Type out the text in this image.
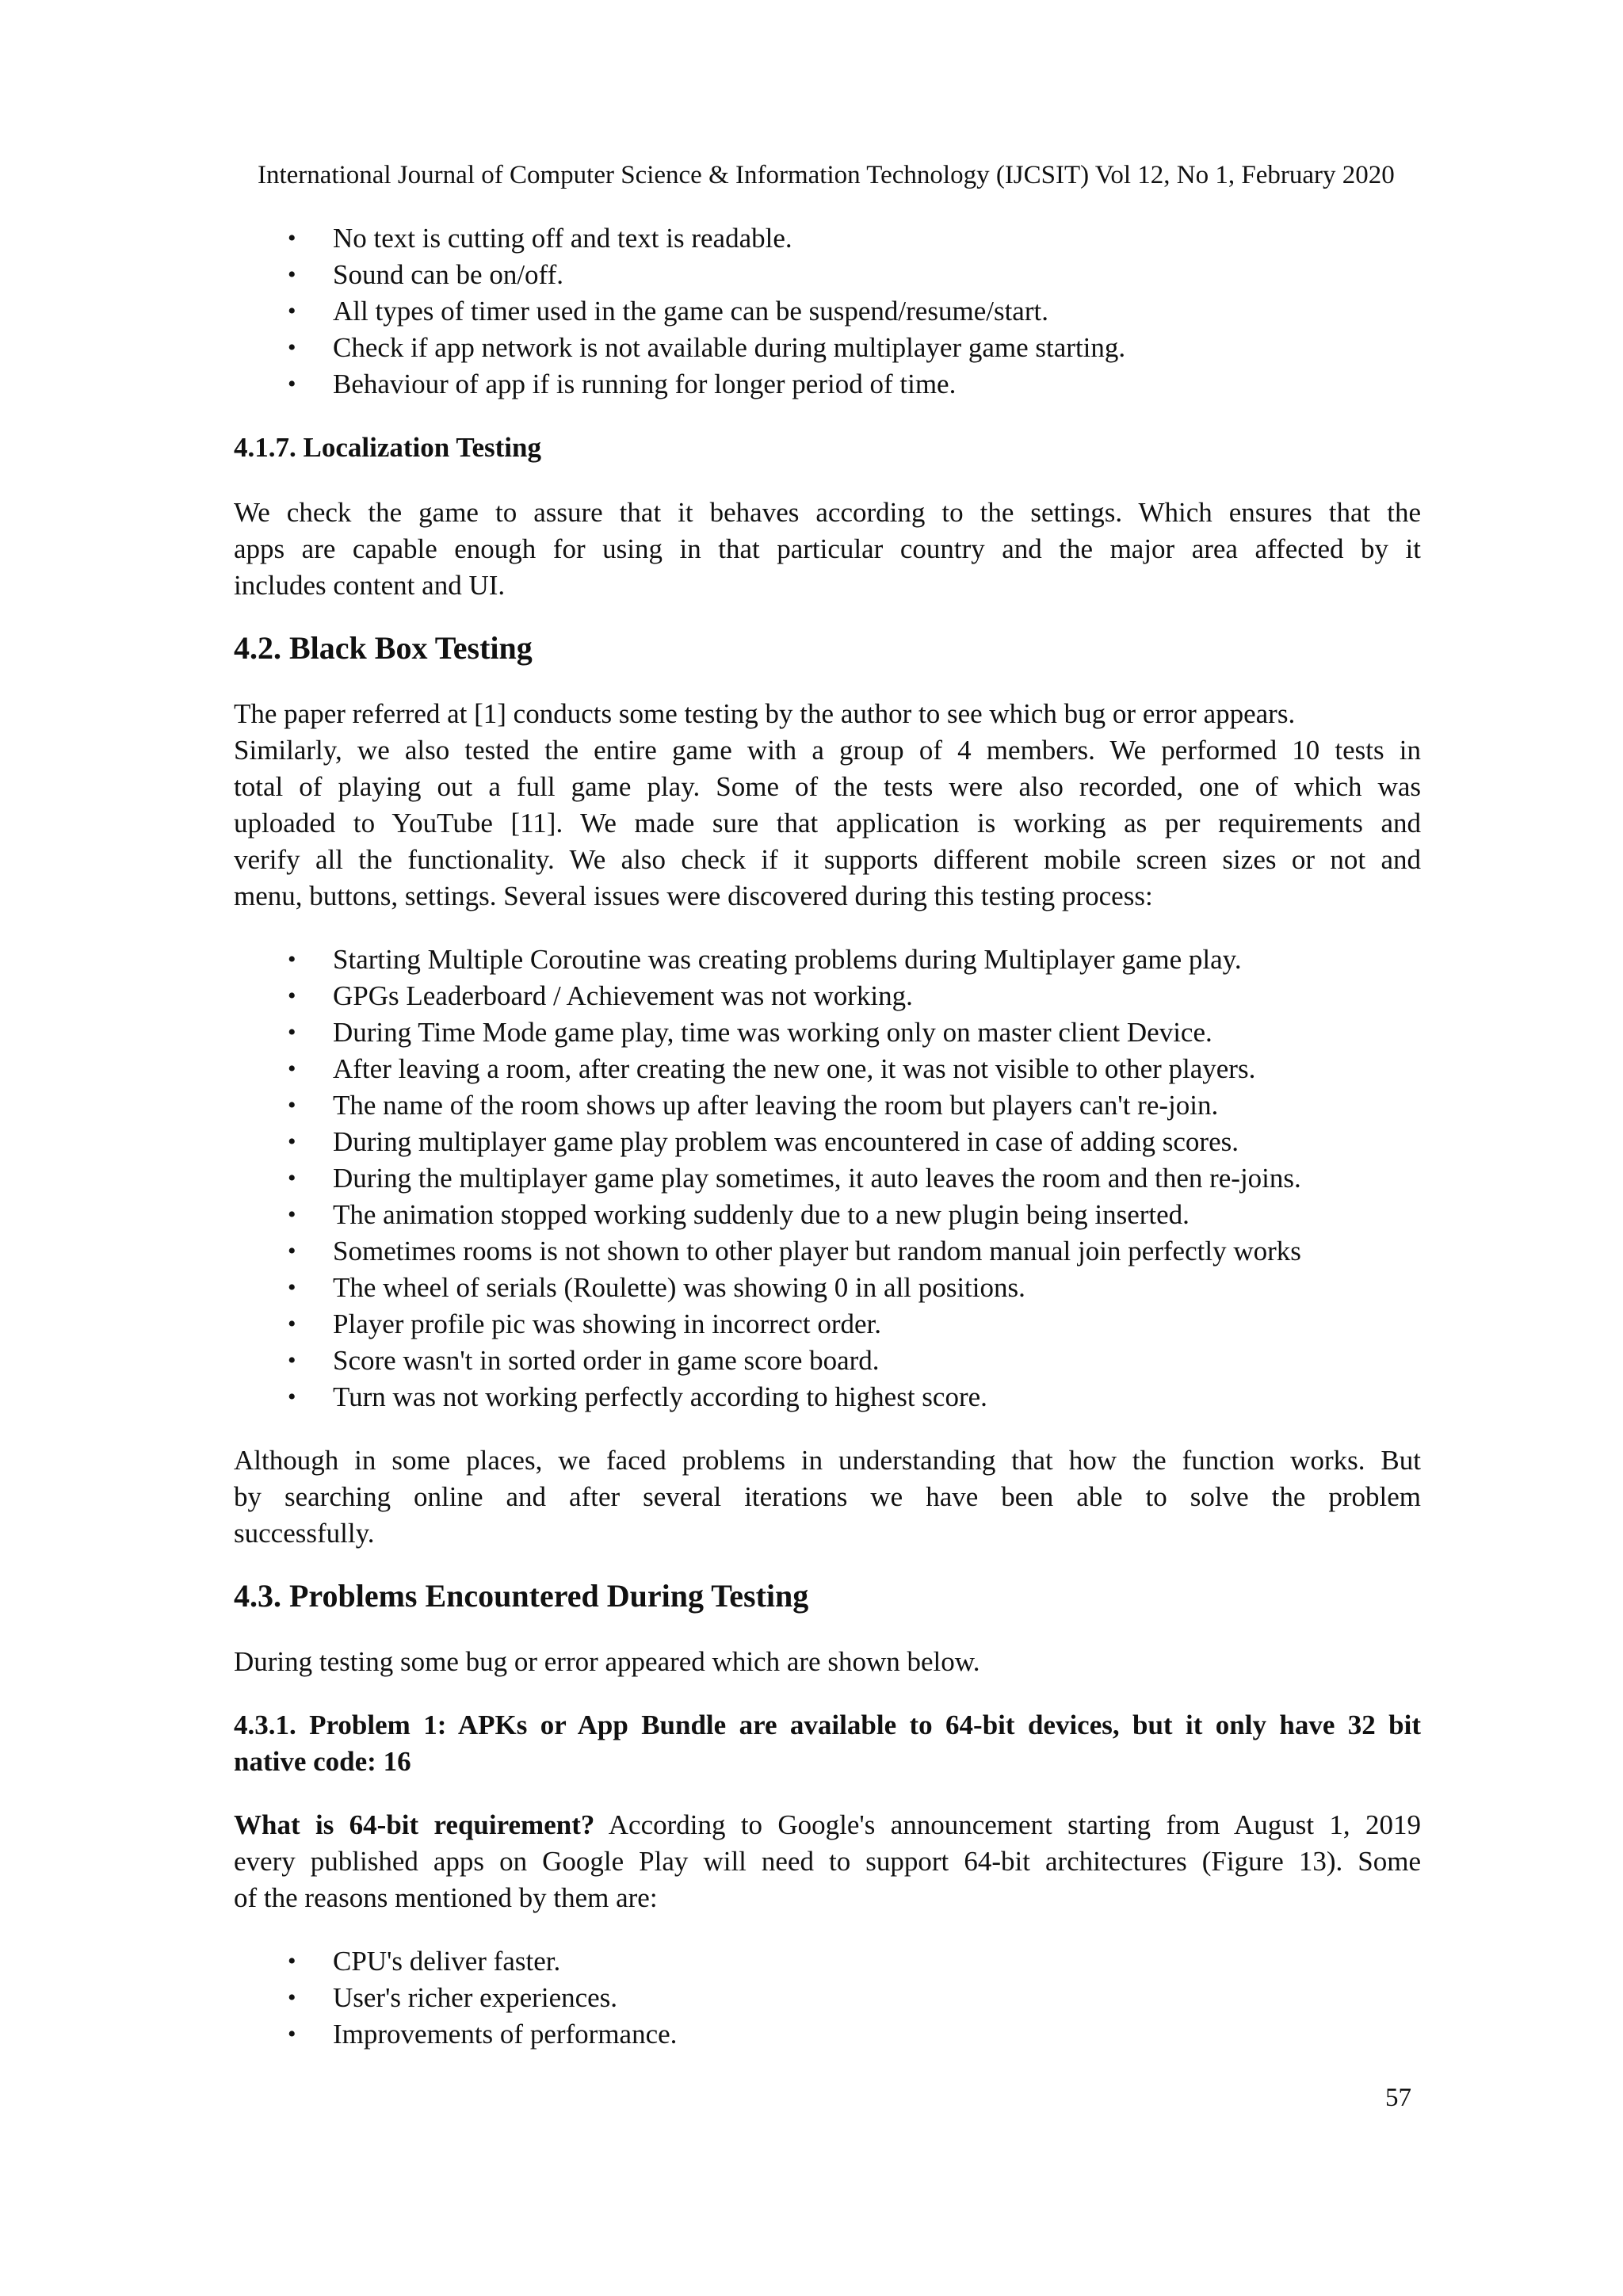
International Journal of Computer Science & Information Technology (IJCSIT) Vol 12, No 1, February 2020
• No text is cutting off and text is readable.
• Sound can be on/off.
• All types of timer used in the game can be suspend/resume/start.
• Check if app network is not available during multiplayer game starting.
• Behaviour of app if is running for longer period of time.
4.1.7. Localization Testing
We check the game to assure that it behaves according to the settings. Which ensures that the
apps are capable enough for using in that particular country and the major area affected by it
includes content and UI.
4.2. Black Box Testing
The paper referred at [1] conducts some testing by the author to see which bug or error appears.
Similarly, we also tested the entire game with a group of 4 members. We performed 10 tests in
total of playing out a full game play. Some of the tests were also recorded, one of which was
uploaded to YouTube [11]. We made sure that application is working as per requirements and
verify all the functionality. We also check if it supports different mobile screen sizes or not and
menu, buttons, settings. Several issues were discovered during this testing process:
• Starting Multiple Coroutine was creating problems during Multiplayer game play.
• GPGs Leaderboard / Achievement was not working.
• During Time Mode game play, time was working only on master client Device.
• After leaving a room, after creating the new one, it was not visible to other players.
• The name of the room shows up after leaving the room but players can't re-join.
• During multiplayer game play problem was encountered in case of adding scores.
• During the multiplayer game play sometimes, it auto leaves the room and then re-joins.
• The animation stopped working suddenly due to a new plugin being inserted.
• Sometimes rooms is not shown to other player but random manual join perfectly works
• The wheel of serials (Roulette) was showing 0 in all positions.
• Player profile pic was showing in incorrect order.
• Score wasn't in sorted order in game score board.
• Turn was not working perfectly according to highest score.
Although in some places, we faced problems in understanding that how the function works. But
by searching online and after several iterations we have been able to solve the problem
successfully.
4.3. Problems Encountered During Testing
During testing some bug or error appeared which are shown below.
4.3.1. Problem 1: APKs or App Bundle are available to 64-bit devices, but it only have 32 bit
native code: 16
What is 64-bit requirement? According to Google's announcement starting from August 1, 2019
every published apps on Google Play will need to support 64-bit architectures (Figure 13). Some
of the reasons mentioned by them are:
• CPU's deliver faster.
• User's richer experiences.
• Improvements of performance.
57
